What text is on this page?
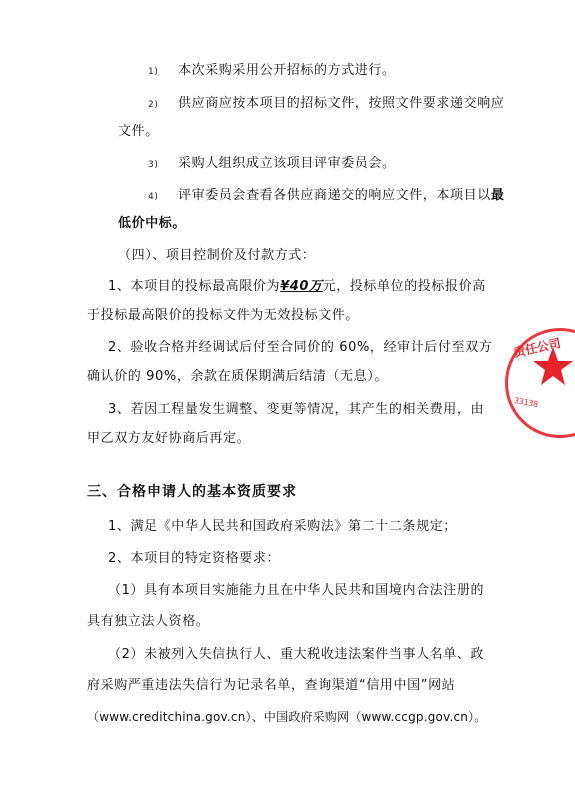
1) 本次采购采用公开招标的方式进行。
2) 供应商应按本项目的招标文件，按照文件要求递交响应
文件。
3) 采购人组织成立该项目评审委员会。
4) 评审委员会查看各供应商递交的响应文件，本项目以最
低价中标。
（四）、项目控制价及付款方式：
1、本项目的投标最高限价为¥40万元，投标单位的投标报价高
于投标最高限价的投标文件为无效投标文件。
2、验收合格并经调试后付至合同价的 60%，经审计后付至双方
确认价的 90%，余款在质保期满后结清（无息）。
3、若因工程量发生调整、变更等情况，其产生的相关费用，由
甲乙双方友好协商后再定。
三、合格申请人的基本资质要求
1、满足《中华人民共和国政府采购法》第二十二条规定；
2、本项目的特定资格要求：
（1）具有本项目实施能力且在中华人民共和国境内合法注册的
具有独立法人资格。
（2）未被列入失信执行人、重大税收违法案件当事人名单、政
府采购严重违法失信行为记录名单，查询渠道“信用中国”网站
（www.creditchina.gov.cn）、中国政府采购网（www.ccgp.gov.cn）。
责任公司
33138
